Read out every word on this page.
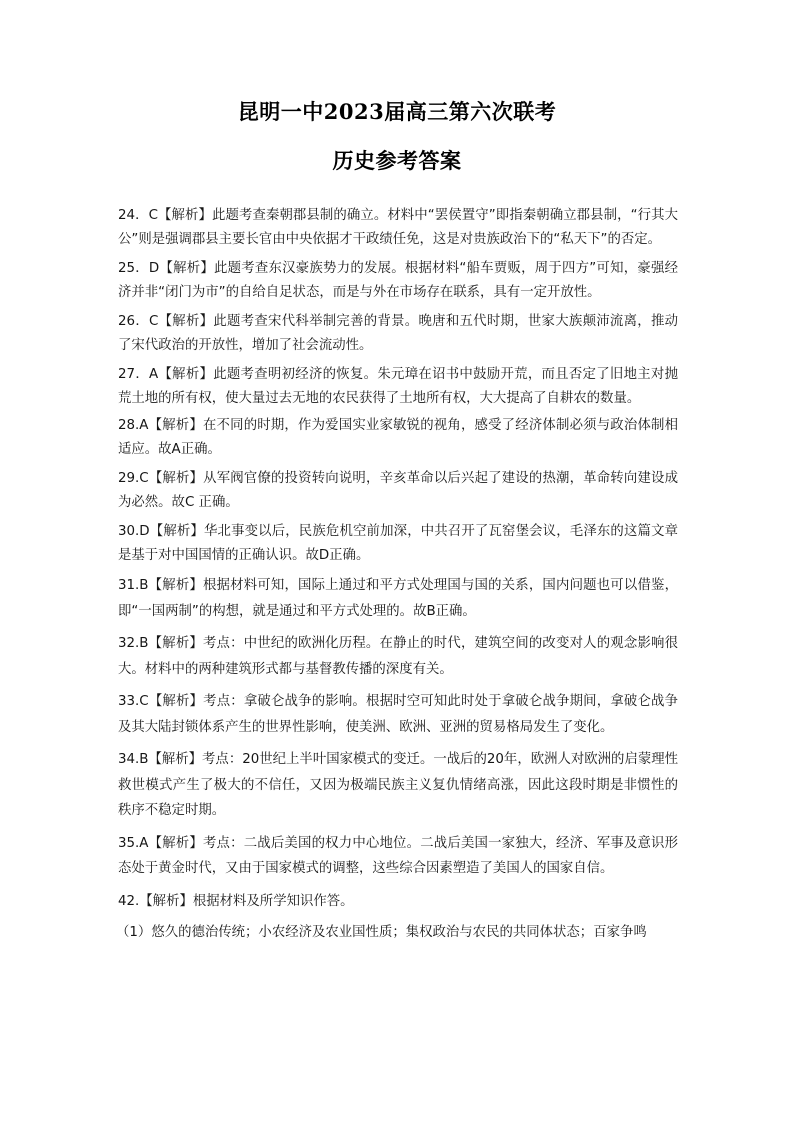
昆明一中2023届高三第六次联考
历史参考答案

24．C【解析】此题考查秦朝郡县制的确立。材料中“罢侯置守”即指秦朝确立郡县制，“行其大公”则是强调郡县主要长官由中央依据才干政绩任免，这是对贵族政治下的“私天下”的否定。

25．D【解析】此题考查东汉豪族势力的发展。根据材料“船车贾贩，周于四方”可知，豪强经济并非“闭门为市”的自给自足状态，而是与外在市场存在联系，具有一定开放性。

26．C【解析】此题考查宋代科举制完善的背景。晚唐和五代时期，世家大族颠沛流离，推动了宋代政治的开放性，增加了社会流动性。

27．A【解析】此题考查明初经济的恢复。朱元璋在诏书中鼓励开荒，而且否定了旧地主对抛荒土地的所有权，使大量过去无地的农民获得了土地所有权，大大提高了自耕农的数量。

28.A【解析】在不同的时期，作为爱国实业家敏锐的视角，感受了经济体制必须与政治体制相适应。故A正确。

29.C【解析】从军阀官僚的投资转向说明，辛亥革命以后兴起了建设的热潮，革命转向建设成为必然。故C 正确。

30.D【解析】华北事变以后，民族危机空前加深，中共召开了瓦窑堡会议，毛泽东的这篇文章是基于对中国国情的正确认识。故D正确。

31.B【解析】根据材料可知，国际上通过和平方式处理国与国的关系，国内问题也可以借鉴，即“一国两制”的构想，就是通过和平方式处理的。故B正确。

32.B【解析】考点：中世纪的欧洲化历程。在静止的时代，建筑空间的改变对人的观念影响很大。材料中的两种建筑形式都与基督教传播的深度有关。

33.C【解析】考点：拿破仑战争的影响。根据时空可知此时处于拿破仑战争期间，拿破仑战争及其大陆封锁体系产生的世界性影响，使美洲、欧洲、亚洲的贸易格局发生了变化。

34.B【解析】考点：20世纪上半叶国家模式的变迁。一战后的20年，欧洲人对欧洲的启蒙理性救世模式产生了极大的不信任，又因为极端民族主义复仇情绪高涨，因此这段时期是非惯性的秩序不稳定时期。

35.A【解析】考点：二战后美国的权力中心地位。二战后美国一家独大，经济、军事及意识形态处于黄金时代，又由于国家模式的调整，这些综合因素塑造了美国人的国家自信。

42.【解析】根据材料及所学知识作答。

（1）悠久的德治传统；小农经济及农业国性质；集权政治与农民的共同体状态；百家争鸣
